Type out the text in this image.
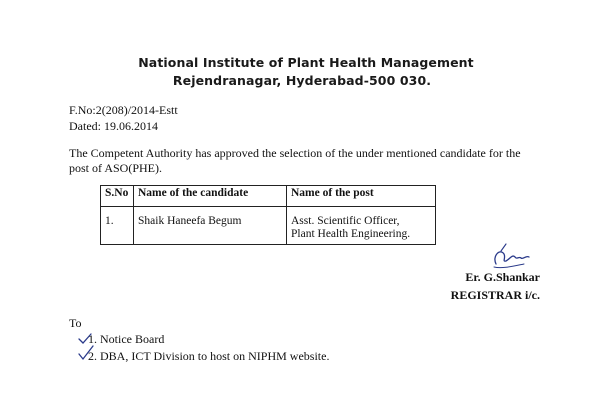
National Institute of Plant Health Management
Rejendranagar, Hyderabad-500 030.
F.No:2(208)/2014-Estt
Dated: 19.06.2014
The Competent Authority has approved the selection of the under mentioned candidate for the post of ASO(PHE).
S.No	Name of the candidate	Name of the post
1.	Shaik Haneefa Begum	Asst. Scientific Officer,
Plant Health Engineering.
Er. G.Shankar
REGISTRAR i/c.
To
1. Notice Board
2. DBA, ICT Division to host on NIPHM website.
